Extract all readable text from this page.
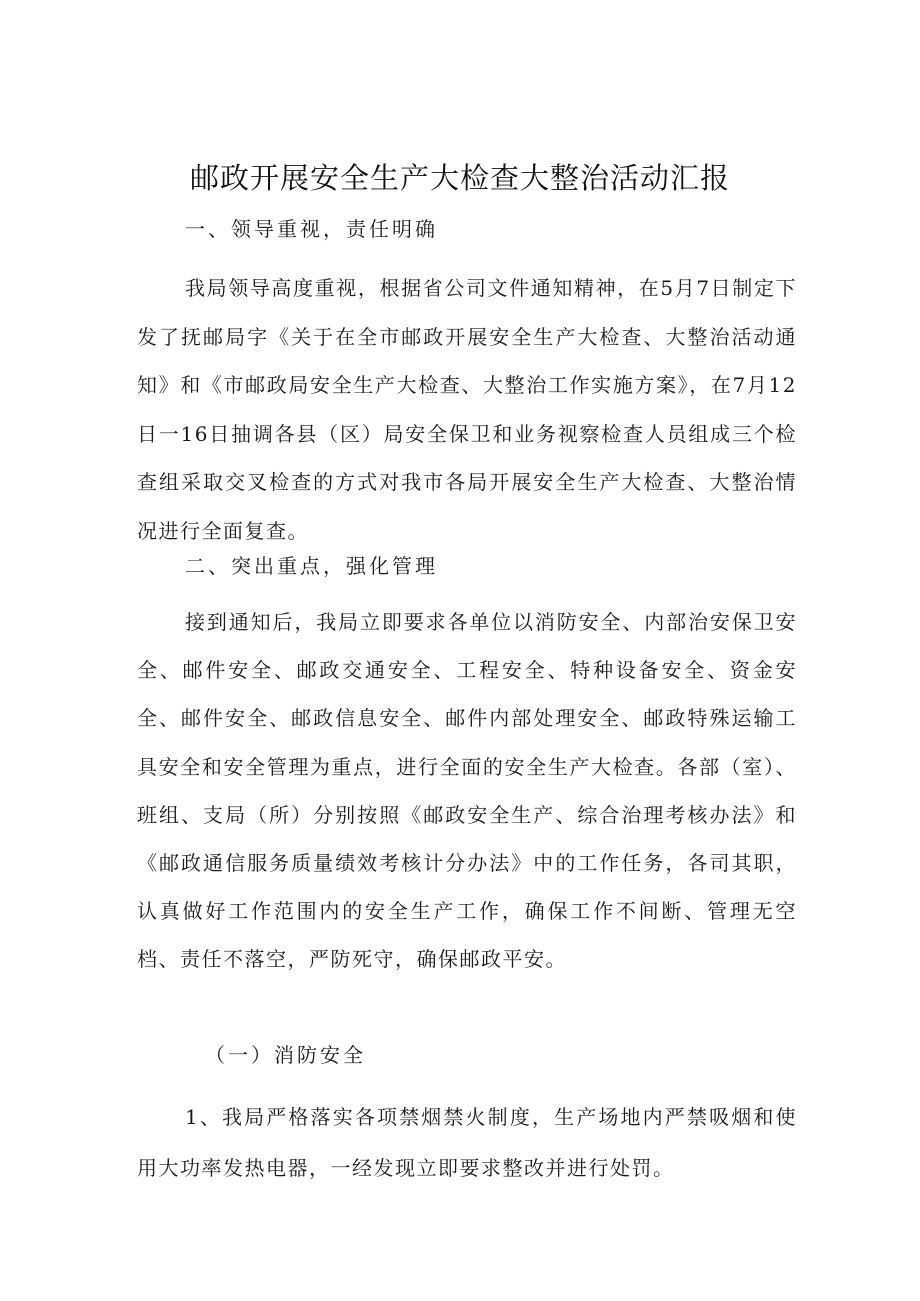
邮政开展安全生产大检查大整治活动汇报
一、领导重视，责任明确

我局领导高度重视，根据省公司文件通知精神，在5月7日制定下发了抚邮局字《关于在全市邮政开展安全生产大检查、大整治活动通知》和《市邮政局安全生产大检查、大整治工作实施方案》，在7月12日一16日抽调各县（区）局安全保卫和业务视察检查人员组成三个检查组采取交叉检查的方式对我市各局开展安全生产大检查、大整治情况进行全面复查。

二、突出重点，强化管理

接到通知后，我局立即要求各单位以消防安全、内部治安保卫安全、邮件安全、邮政交通安全、工程安全、特种设备安全、资金安全、邮件安全、邮政信息安全、邮件内部处理安全、邮政特殊运输工具安全和安全管理为重点，进行全面的安全生产大检查。各部（室）、班组、支局（所）分别按照《邮政安全生产、综合治理考核办法》和《邮政通信服务质量绩效考核计分办法》中的工作任务，各司其职，认真做好工作范围内的安全生产工作，确保工作不间断、管理无空档、责任不落空，严防死守，确保邮政平安。

（一）消防安全

1、我局严格落实各项禁烟禁火制度，生产场地内严禁吸烟和使用大功率发热电器，一经发现立即要求整改并进行处罚。
